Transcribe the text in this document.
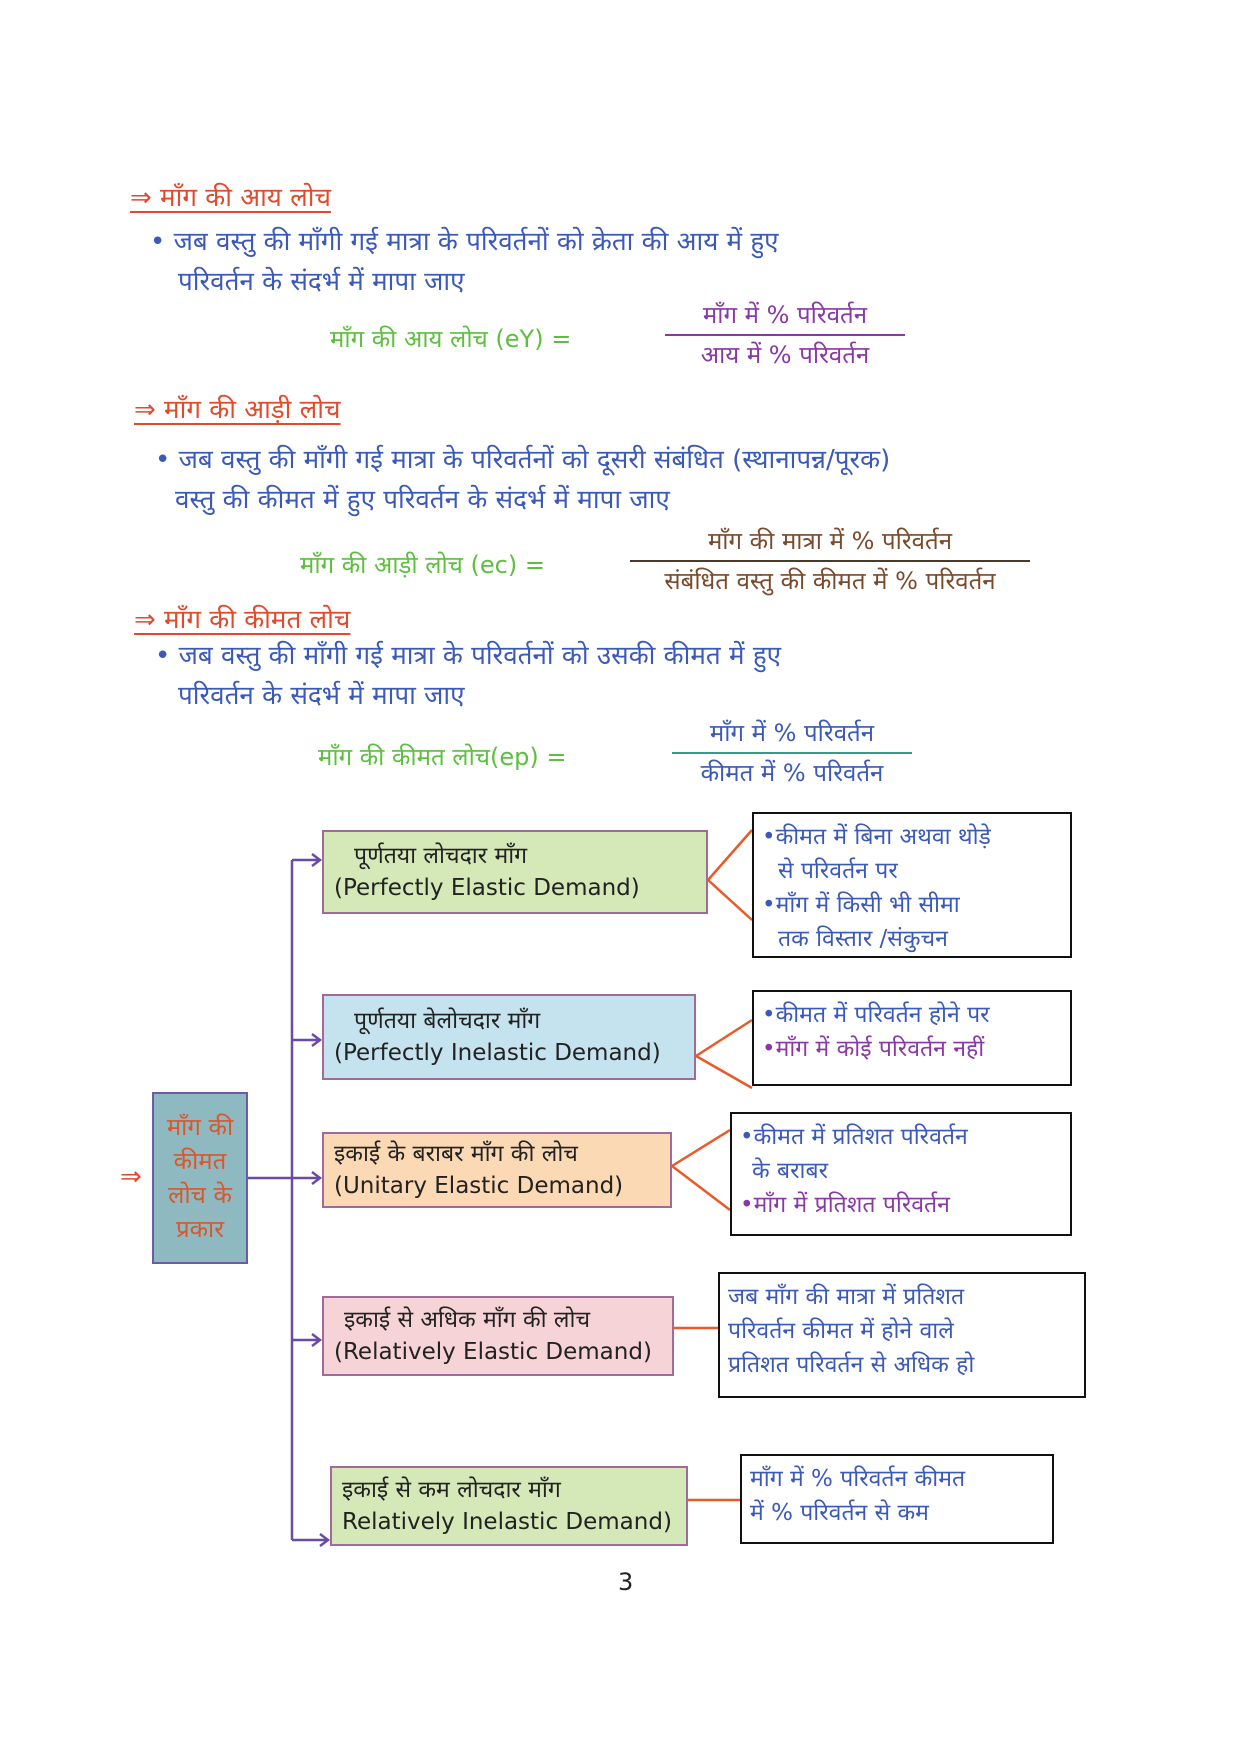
⇒ माँग की आय लोच
• जब वस्तु की माँगी गई मात्रा के परिवर्तनों को क्रेता की आय में हुए
परिवर्तन के संदर्भ में मापा जाए
माँग की आय लोच (eY) =
माँग में % परिवर्तन
आय में % परिवर्तन
⇒ माँग की आड़ी लोच
• जब वस्तु की माँगी गई मात्रा के परिवर्तनों को दूसरी संबंधित (स्थानापन्न/पूरक)
वस्तु की कीमत में हुए परिवर्तन के संदर्भ में मापा जाए
माँग की आड़ी लोच (ec) =
माँग की मात्रा में % परिवर्तन
संबंधित वस्तु की कीमत में % परिवर्तन
⇒ माँग की कीमत लोच
• जब वस्तु की माँगी गई मात्रा के परिवर्तनों को उसकी कीमत में हुए
परिवर्तन के संदर्भ में मापा जाए
माँग की कीमत लोच(ep) =
माँग में % परिवर्तन
कीमत में % परिवर्तन
⇒
माँग की
कीमत
लोच के
प्रकार
पूर्णतया लोचदार माँग
(Perfectly Elastic Demand)
•कीमत में बिना अथवा थोड़े
से परिवर्तन पर
•माँग में किसी भी सीमा
तक विस्तार /संकुचन
पूर्णतया बेलोचदार माँग
(Perfectly Inelastic Demand)
•कीमत में परिवर्तन होने पर
•माँग में कोई परिवर्तन नहीं
इकाई के बराबर माँग की लोच
(Unitary Elastic Demand)
•कीमत में प्रतिशत परिवर्तन
के बराबर
•माँग में प्रतिशत परिवर्तन
इकाई से अधिक माँग की लोच
(Relatively Elastic Demand)
जब माँग की मात्रा में प्रतिशत
परिवर्तन कीमत में होने वाले
प्रतिशत परिवर्तन से अधिक हो
इकाई से कम लोचदार माँग
Relatively Inelastic Demand)
माँग में % परिवर्तन कीमत
में % परिवर्तन से कम
3
